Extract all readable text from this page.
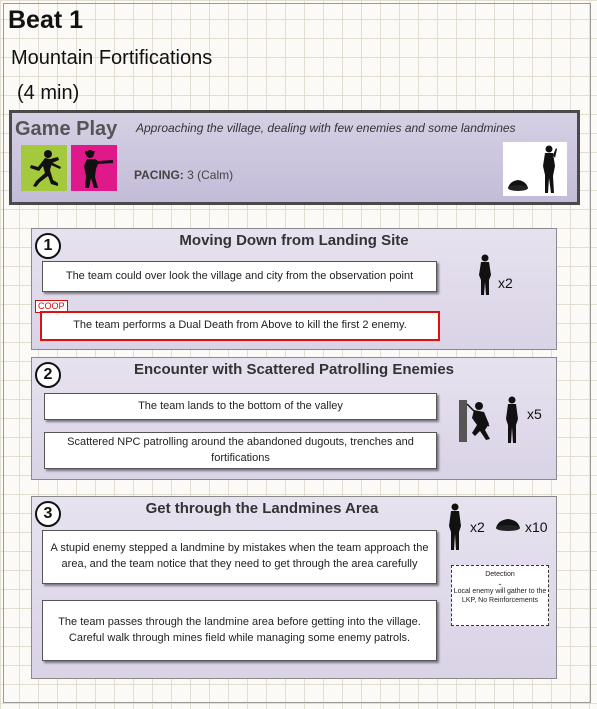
Beat 1
Mountain Fortifications
(4 min)
Game Play Approaching the village, dealing with few enemies and some landmines
PACING: 3 (Calm)
1	Moving Down from Landing Site
The team could over look the village and city from the observation point
COOP
The team performs a Dual Death from Above to kill the first 2 enemy.
x2
2	Encounter with Scattered Patrolling Enemies
The team lands to the bottom of the valley
Scattered NPC patrolling around the abandoned dugouts, trenches and fortifications
x5
3	Get through the Landmines Area
A stupid enemy stepped a landmine by mistakes when the team approach the area, and the team notice that they need to get through the area carefully
The team passes through the landmine area before getting into the village. Careful walk through mines field while managing some enemy patrols.
x2	x10
Detection
-
Local enemy will gather to the LKP, No Reinforcements
